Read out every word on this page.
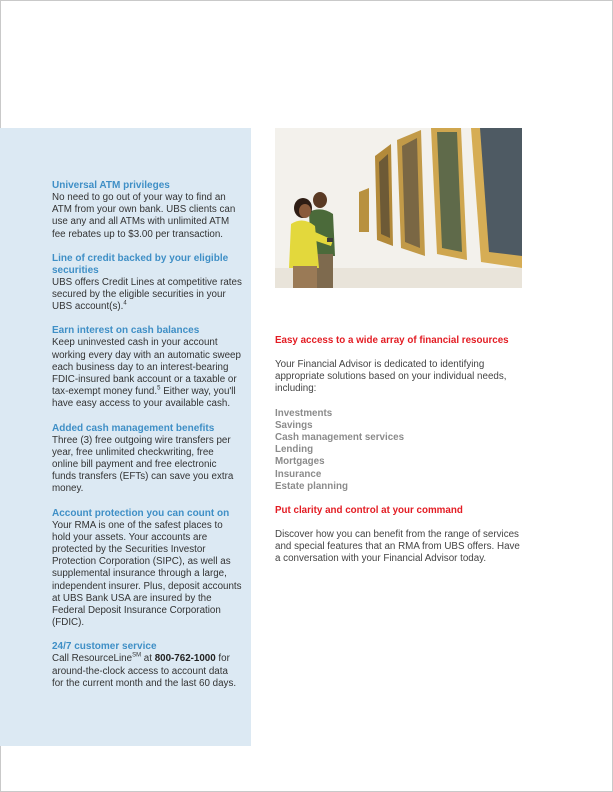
Universal ATM privileges
No need to go out of your way to find an ATM from your own bank. UBS clients can use any and all ATMs with unlimited ATM fee rebates up to $3.00 per transaction.
Line of credit backed by your eligible securities
UBS offers Credit Lines at competitive rates secured by the eligible securities in your UBS account(s).$^4$
Earn interest on cash balances
Keep uninvested cash in your account working every day with an automatic sweep each business day to an interest-bearing FDIC-insured bank account or a taxable or tax-exempt money fund.$^5$ Either way, you'll have easy access to your available cash.
Added cash management benefits
Three (3) free outgoing wire transfers per year, free unlimited checkwriting, free online bill payment and free electronic funds transfers (EFTs) can save you extra money.
Account protection you can count on
Your RMA is one of the safest places to hold your assets. Your accounts are protected by the Securities Investor Protection Corporation (SIPC), as well as supplemental insurance through a large, independent insurer. Plus, deposit accounts at UBS Bank USA are insured by the Federal Deposit Insurance Corporation (FDIC).
24/7 customer service
Call ResourceLine℠ at 800-762-1000 for around-the-clock access to account data for the current month and the last 60 days.
Easy access to a wide array of financial resources
Your Financial Advisor is dedicated to identifying appropriate solutions based on your individual needs, including:
Investments
Savings
Cash management services
Lending
Mortgages
Insurance
Estate planning
Put clarity and control at your command
Discover how you can benefit from the range of services and special features that an RMA from UBS offers. Have a conversation with your Financial Advisor today.
